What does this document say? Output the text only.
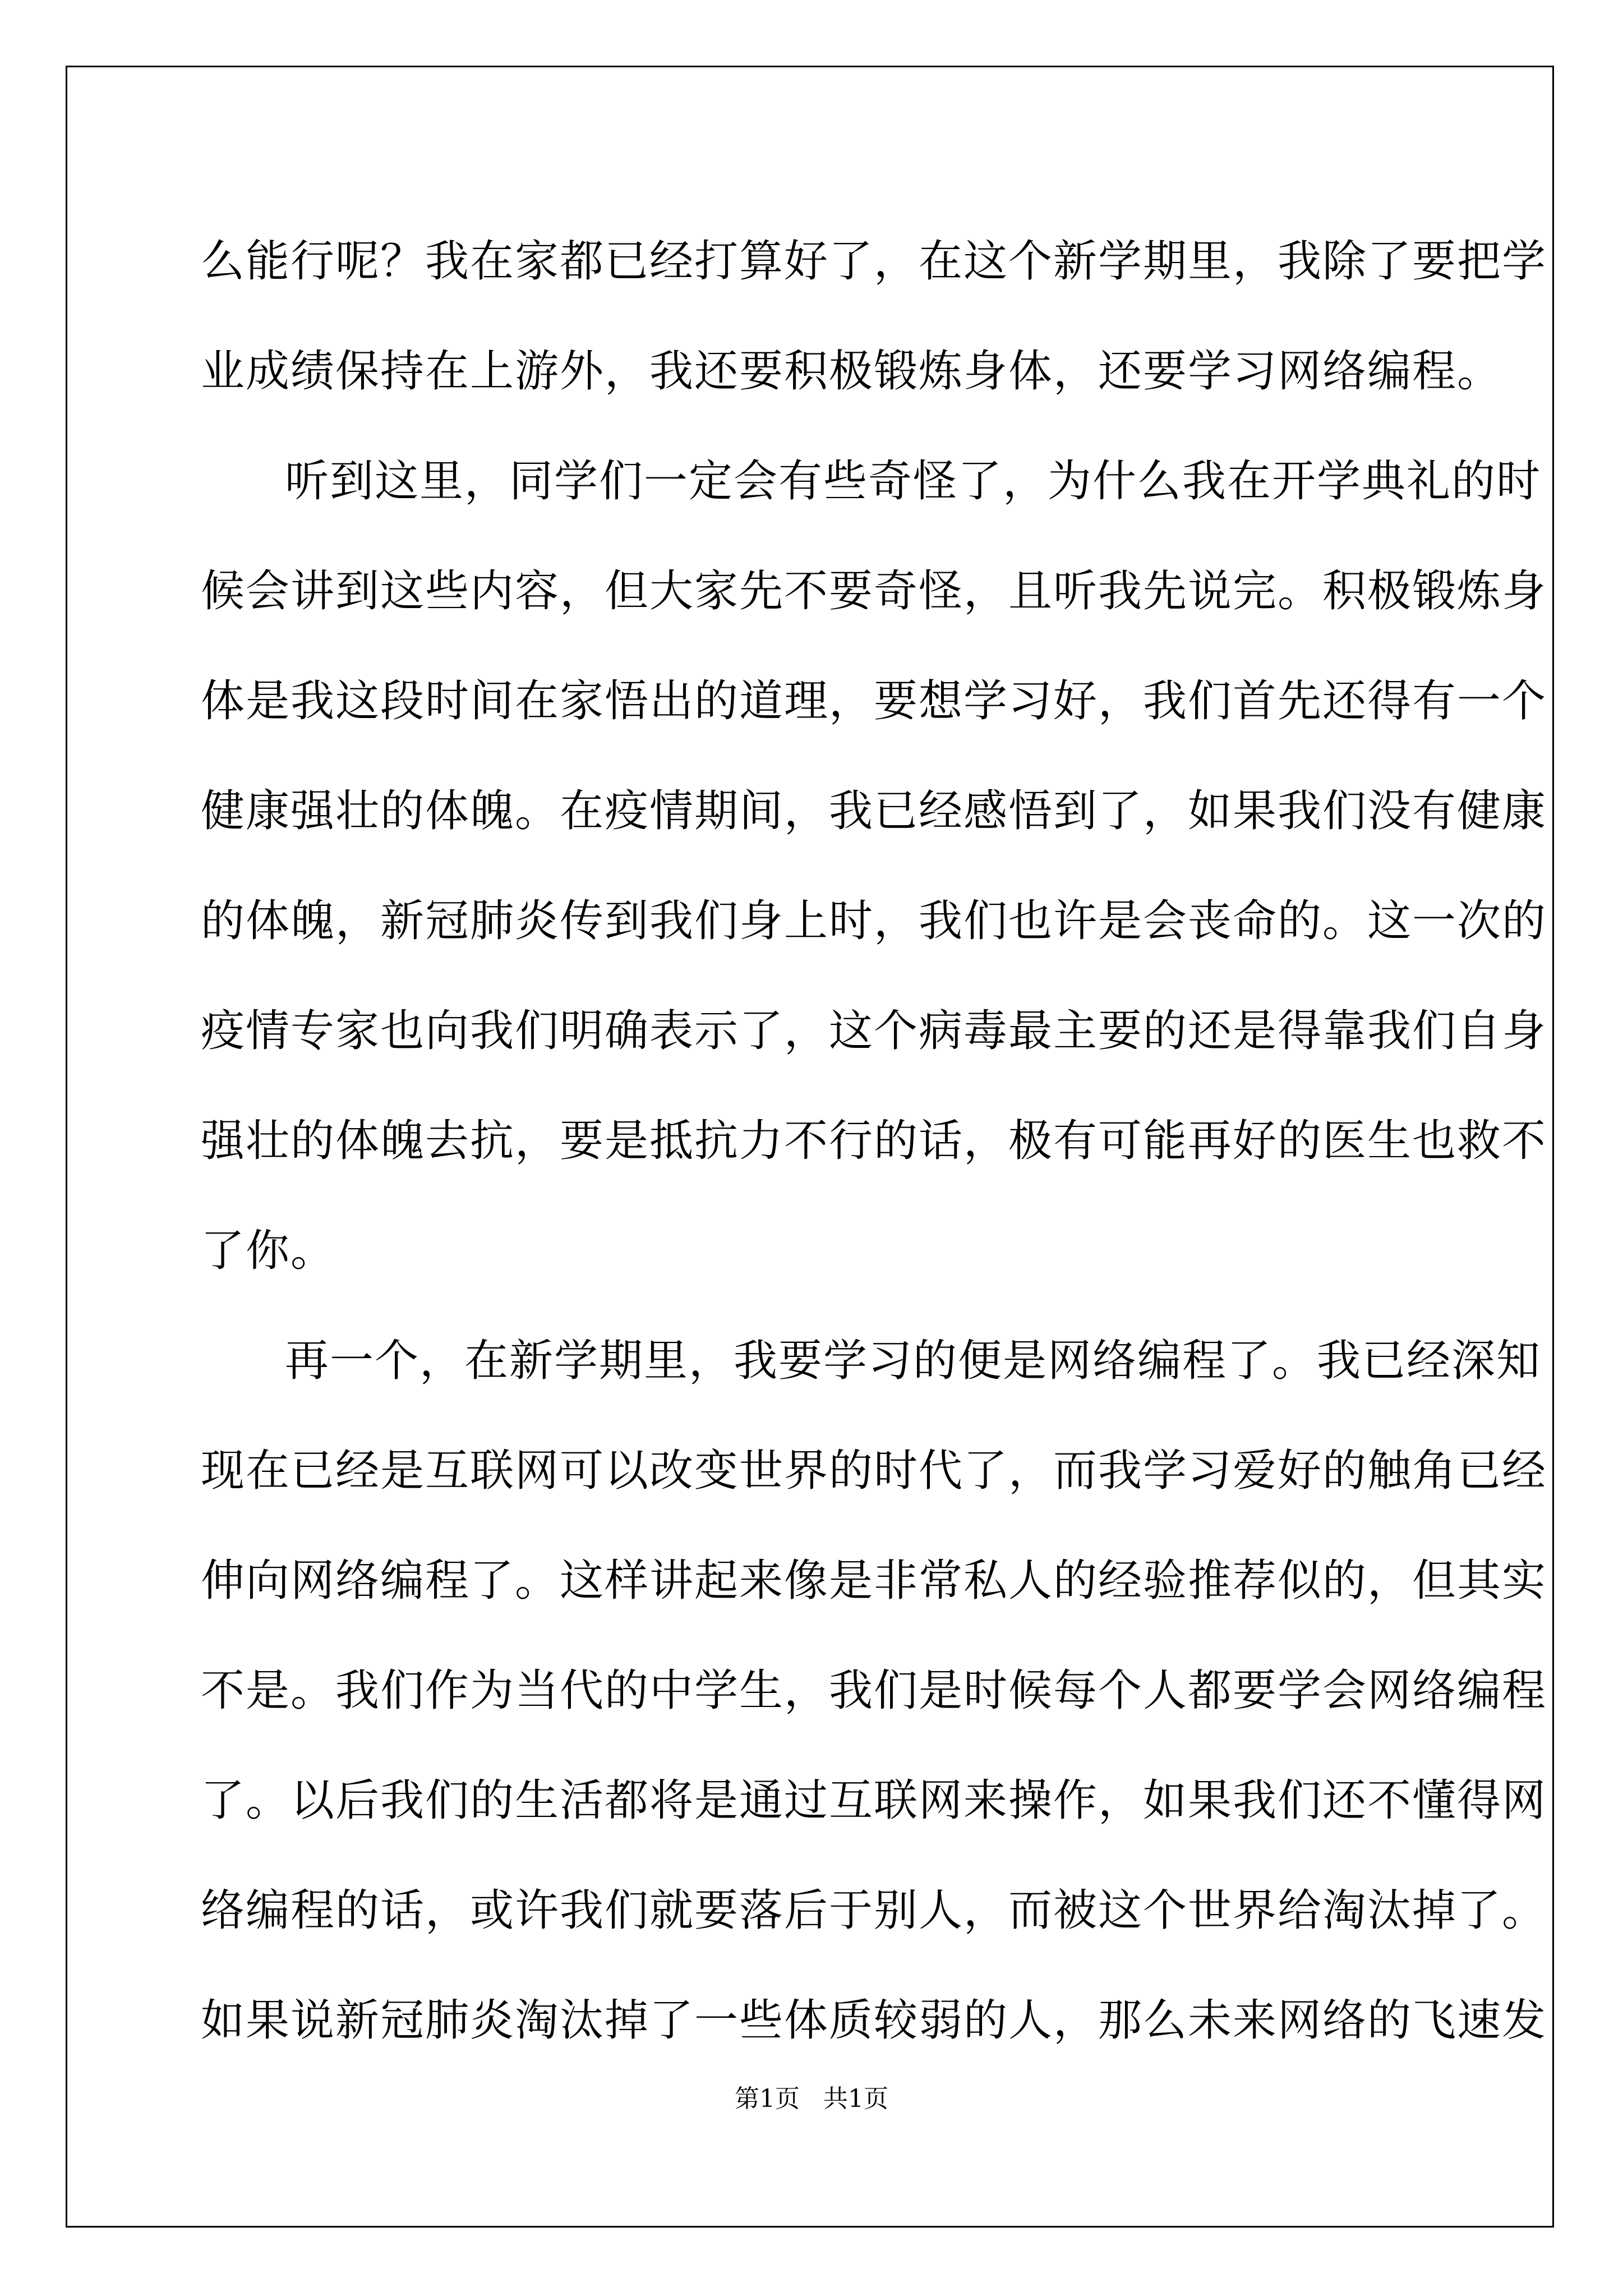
么能行呢？我在家都已经打算好了，在这个新学期里，我除了要把学
业成绩保持在上游外，我还要积极锻炼身体，还要学习网络编程。
听到这里，同学们一定会有些奇怪了，为什么我在开学典礼的时
候会讲到这些内容，但大家先不要奇怪，且听我先说完。积极锻炼身
体是我这段时间在家悟出的道理，要想学习好，我们首先还得有一个
健康强壮的体魄。在疫情期间，我已经感悟到了，如果我们没有健康
的体魄，新冠肺炎传到我们身上时，我们也许是会丧命的。这一次的
疫情专家也向我们明确表示了，这个病毒最主要的还是得靠我们自身
强壮的体魄去抗，要是抵抗力不行的话，极有可能再好的医生也救不
了你。
再一个，在新学期里，我要学习的便是网络编程了。我已经深知
现在已经是互联网可以改变世界的时代了，而我学习爱好的触角已经
伸向网络编程了。这样讲起来像是非常私人的经验推荐似的，但其实
不是。我们作为当代的中学生，我们是时候每个人都要学会网络编程
了。以后我们的生活都将是通过互联网来操作，如果我们还不懂得网
络编程的话，或许我们就要落后于别人，而被这个世界给淘汰掉了。
如果说新冠肺炎淘汰掉了一些体质较弱的人，那么未来网络的飞速发
第1页   共1页
